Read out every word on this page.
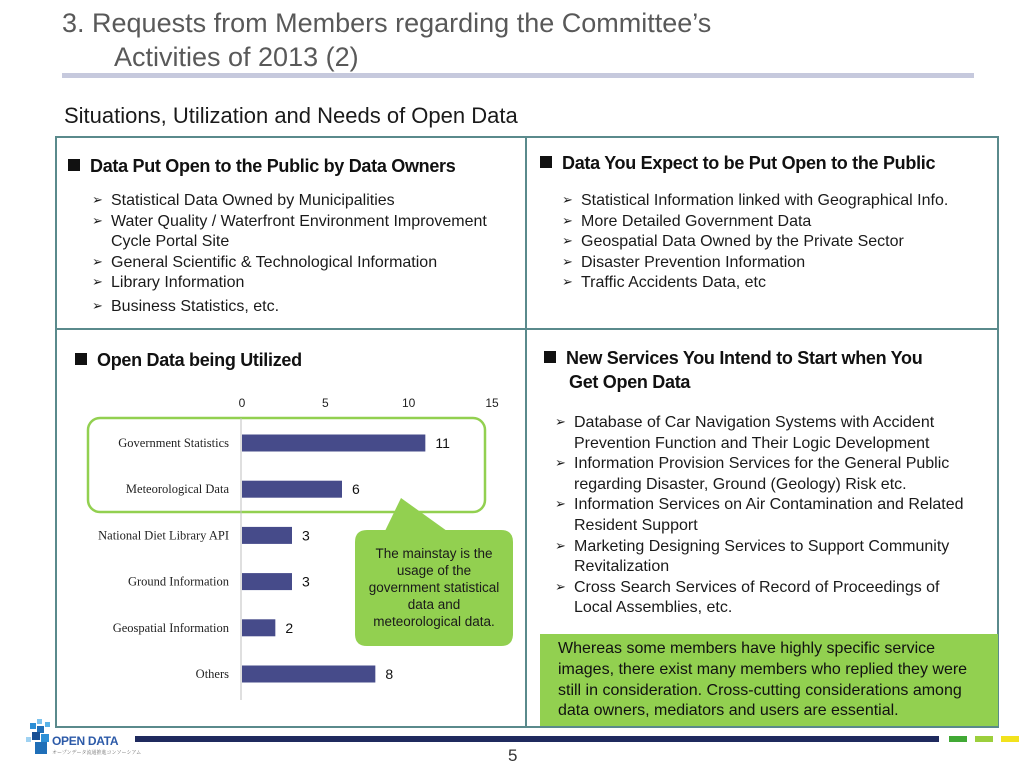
3. Requests from Members regarding the Committee’s
Activities of 2013 (2)
Situations, Utilization and Needs of Open Data
Data Put Open to the Public by Data Owners
➢ Statistical Data Owned by Municipalities
➢ Water Quality / Waterfront Environment Improvement Cycle Portal Site
➢ General Scientific & Technological Information
➢ Library Information
➢ Business Statistics, etc.
Data You Expect to be Put Open to the Public
➢ Statistical Information linked with Geographical Info.
➢ More Detailed Government Data
➢ Geospatial Data Owned by the Private Sector
➢ Disaster Prevention Information
➢ Traffic Accidents Data, etc
Open Data being Utilized
0	5	10	15
Government Statistics
Meteorological Data
National Diet Library API
Ground Information
Geospatial Information
Others
11
6
3
3
2
8
The mainstay is the usage of the government statistical data and meteorological data.
New Services You Intend to Start when You
Get Open Data
➢ Database of Car Navigation Systems with Accident Prevention Function and Their Logic Development
➢ Information Provision Services for the General Public regarding Disaster, Ground (Geology) Risk etc.
➢ Information Services on Air Contamination and Related Resident Support
➢ Marketing Designing Services to Support Community Revitalization
➢ Cross Search Services of Record of Proceedings of Local Assemblies, etc.
Whereas some members have highly specific service images, there exist many members who replied they were still in consideration. Cross-cutting considerations among data owners, mediators and users are essential.
OPEN DATA
オープンデータ流通推進コンソーシアム	5
